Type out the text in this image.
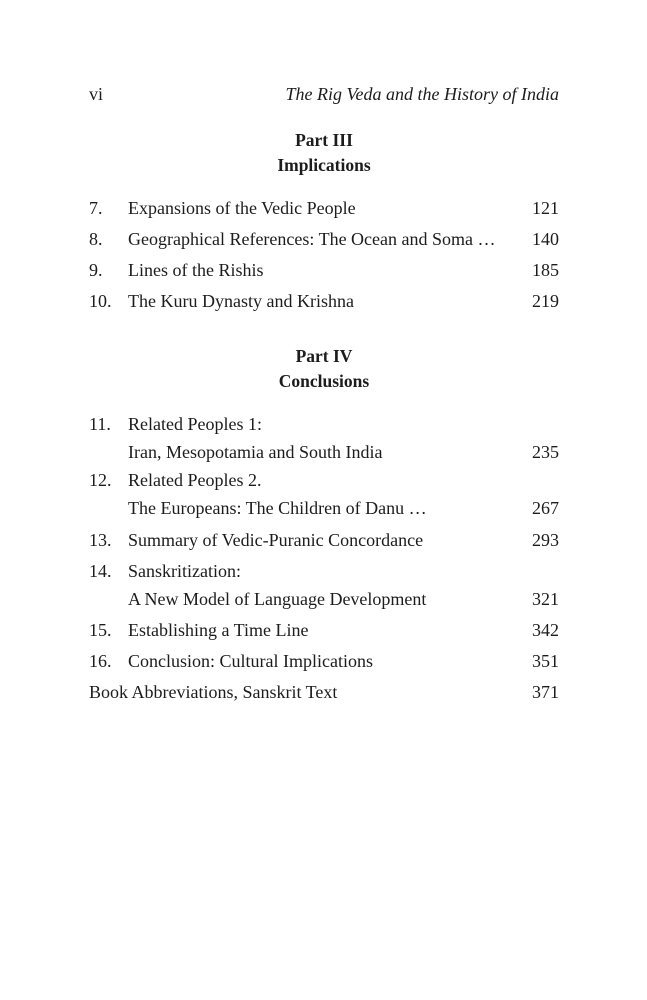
vi	The Rig Veda and the History of India
Part III
Implications
7.	Expansions of the Vedic People	121
8.	Geographical References: The Ocean and Soma …	140
9.	Lines of the Rishis	185
10. The Kuru Dynasty and Krishna	219
Part IV
Conclusions
11. Related Peoples 1:
Iran, Mesopotamia and South India	235
12. Related Peoples 2.
The Europeans: The Children of Danu …	267
13. Summary of Vedic-Puranic Concordance	293
14. Sanskritization:
A New Model of Language Development	321
15. Establishing a Time Line	342
16. Conclusion: Cultural Implications	351
Book Abbreviations, Sanskrit Text	371
